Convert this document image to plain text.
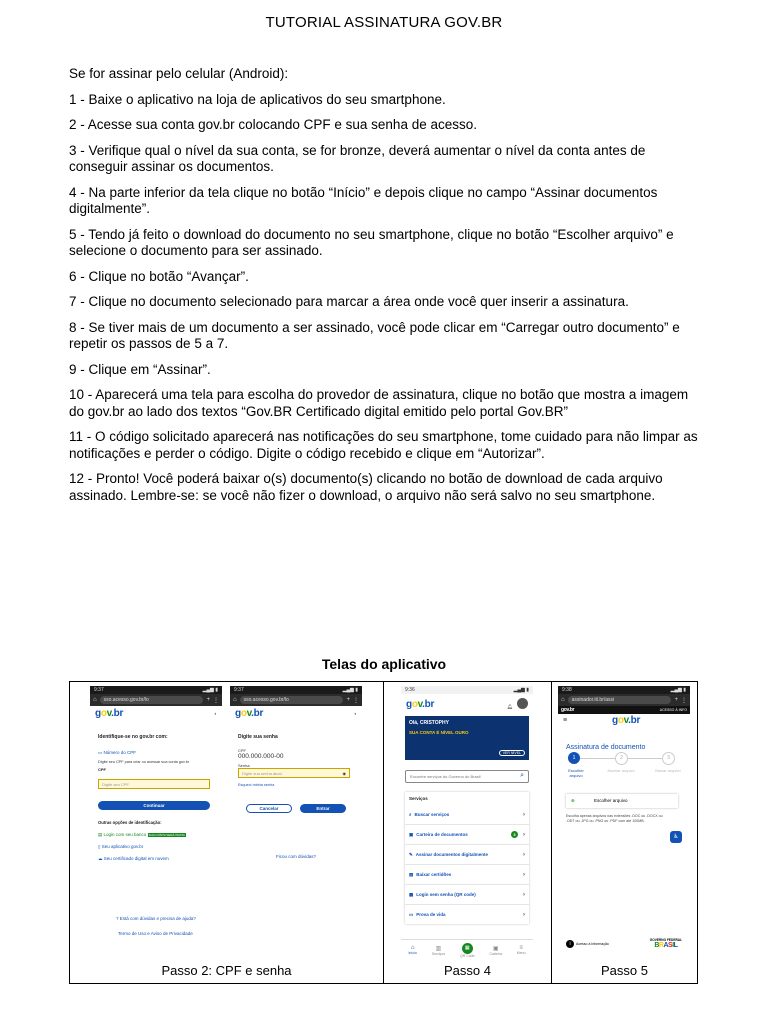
TUTORIAL ASSINATURA GOV.BR

Se for assinar pelo celular (Android):

1 - Baixe o aplicativo na loja de aplicativos do seu smartphone.

2 - Acesse sua conta gov.br colocando CPF e sua senha de acesso.

3 - Verifique qual o nível da sua conta, se for bronze, deverá aumentar o nível da conta antes de conseguir assinar os documentos.

4 - Na parte inferior da tela clique no botão “Início” e depois clique no campo “Assinar documentos digitalmente”.

5 - Tendo já feito o download do documento no seu smartphone, clique no botão “Escolher arquivo” e selecione o documento para ser assinado.

6 - Clique no botão “Avançar”.

7 - Clique no documento selecionado para marcar a área onde você quer inserir a assinatura.

8 - Se tiver mais de um documento a ser assinado, você pode clicar em “Carregar outro documento” e repetir os passos de 5 a 7.

9 - Clique em “Assinar”.

10 - Aparecerá uma tela para escolha do provedor de assinatura, clique no botão que mostra a imagem do gov.br ao lado dos textos “Gov.BR Certificado digital emitido pelo portal Gov.BR”

11 - O código solicitado aparecerá nas notificações do seu smartphone, tome cuidado para não limpar as notificações e perder o código. Digite o código recebido e clique em “Autorizar”.

12 - Pronto! Você poderá baixar o(s) documento(s) clicando no botão de download de cada arquivo assinado. Lembre-se: se você não fizer o download, o arquivo não será salvo no seu smartphone.

Telas do aplicativo
9:37	▂▄▆ ▮
⌂	sso.acesso.gov.br/lo	+ ⋮
gov.br	◐
Identifique-se no gov.br com:
▭ Número do CPF
Digite seu CPF para criar ou acessar sua conta gov.br
CPF
Digite seu CPF
Continuar
Outras opções de identificação:
▤ Login com seu banco SUA CONTA SERÁ PRATA
▯ Seu aplicativo gov.br
☁ Seu certificado digital em nuvem
? Está com dúvidas e precisa de ajuda?
Termo de Uso e Aviso de Privacidade
9:37	▂▄▆ ▮
⌂	sso.acesso.gov.br/lo	+ ⋮
gov.br	◐
Digite sua senha
CPF
000.000.000-00
Senha
Digite sua senha atual	◉
Esqueci minha senha
Cancelar	Entrar
Ficou com dúvidas?
Passo 2: CPF e senha
9:36	▂▄▆ ▮
gov.br	🔔︎
Olá, CRISTOPHY
SUA CONTA É NÍVEL OURO
VER NÍVEL
Encontre serviços do Governo do Brasil	⌕
Serviços
⌕ Buscar serviços	›
▣ Carteira de documentos	3	›
✎ Assinar documentos digitalmente	›
▤ Baixar certidões	›
▦ Login sem senha (QR code)	›
▭ Prova de vida	›
⌂
Início
▥
Serviços
▦
QR Code
▣
Carteira
≡
Menu
Passo 4
9:38	▂▄▆ ▮
⌂	assinador.iti.br/assi	+ ⋮
gov.br	ACESSO À INFO
≡	gov.br
Assinatura de documento
1	2	3
Escolher arquivo
Assinar arquivo	Baixar arquivo
⊕	Escolher arquivo
Escolha apenas arquivos nas extensões .DOC ou .DOCX ou .ODT ou .JPG ou .PNG ou .PDF com até 100MB.
♿︎
i	Acesso à Informação
GOVERNO FEDERAL
BRASIL
Passo 5
